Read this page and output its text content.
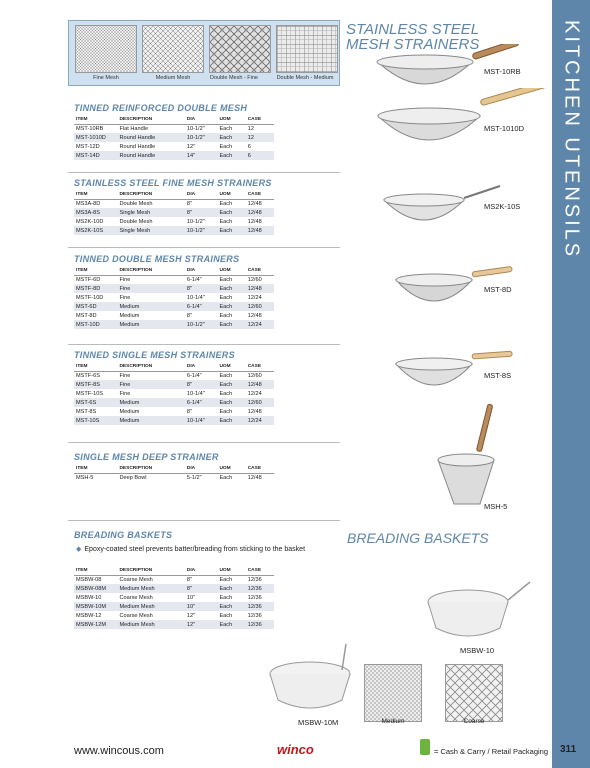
KITCHEN UTENSILS
Fine Mesh	Medium Mesh	Double Mesh - Fine	Double Mesh - Medium
STAINLESS STEEL
MESH STRAINERS
TINNED REINFORCED DOUBLE MESH
ITEM	DESCRIPTION	DIA	UOM	CASE
MST-10RB	Flat Handle	10-1/2"	Each	12
MST-1010D	Round Handle	10-1/2"	Each	12
MST-12D	Round Handle	12"	Each	6
MST-14D	Round Handle	14"	Each	6
STAINLESS STEEL FINE MESH STRAINERS
ITEM	DESCRIPTION	DIA	UOM	CASE
MS3A-8D	Double Mesh	8"	Each	12/48
MS3A-8S	Single Mesh	8"	Each	12/48
MS2K-10D	Double Mesh	10-1/2"	Each	12/48
MS2K-10S	Single Mesh	10-1/2"	Each	12/48
TINNED DOUBLE MESH STRAINERS
ITEM	DESCRIPTION	DIA	UOM	CASE
MSTF-6D	Fine	6-1/4"	Each	12/60
MSTF-8D	Fine	8"	Each	12/48
MSTF-10D	Fine	10-1/4"	Each	12/24
MST-6D	Medium	6-1/4"	Each	12/60
MST-8D	Medium	8"	Each	12/48
MST-10D	Medium	10-1/2"	Each	12/24
TINNED SINGLE MESH STRAINERS
ITEM	DESCRIPTION	DIA	UOM	CASE
MSTF-6S	Fine	6-1/4"	Each	12/60
MSTF-8S	Fine	8"	Each	12/48
MSTF-10S	Fine	10-1/4"	Each	12/24
MST-6S	Medium	6-1/4"	Each	12/60
MST-8S	Medium	8"	Each	12/48
MST-10S	Medium	10-1/4"	Each	12/24
SINGLE MESH DEEP STRAINER
ITEM	DESCRIPTION	DIA	UOM	CASE
MSH-5	Deep Bowl	5-1/2"	Each	12/48
BREADING BASKETS
◆ Epoxy-coated steel prevents batter/breading from sticking to the basket
ITEM	DESCRIPTION	DIA	UOM	CASE
MSBW-08	Coarse Mesh	8"	Each	12/36
MSBW-08M	Medium Mesh	8"	Each	12/36
MSBW-10	Coarse Mesh	10"	Each	12/36
MSBW-10M	Medium Mesh	10"	Each	12/36
MSBW-12	Coarse Mesh	12"	Each	12/36
MSBW-12M	Medium Mesh	12"	Each	12/36
BREADING BASKETS
MST-10RB
MST-1010D
MS2K-10S
MST-8D
MST-8S
MSH-5
MSBW-10
MSBW-10M	Medium	Coarse
www.wincous.com	winco	= Cash & Carry / Retail Packaging 311
